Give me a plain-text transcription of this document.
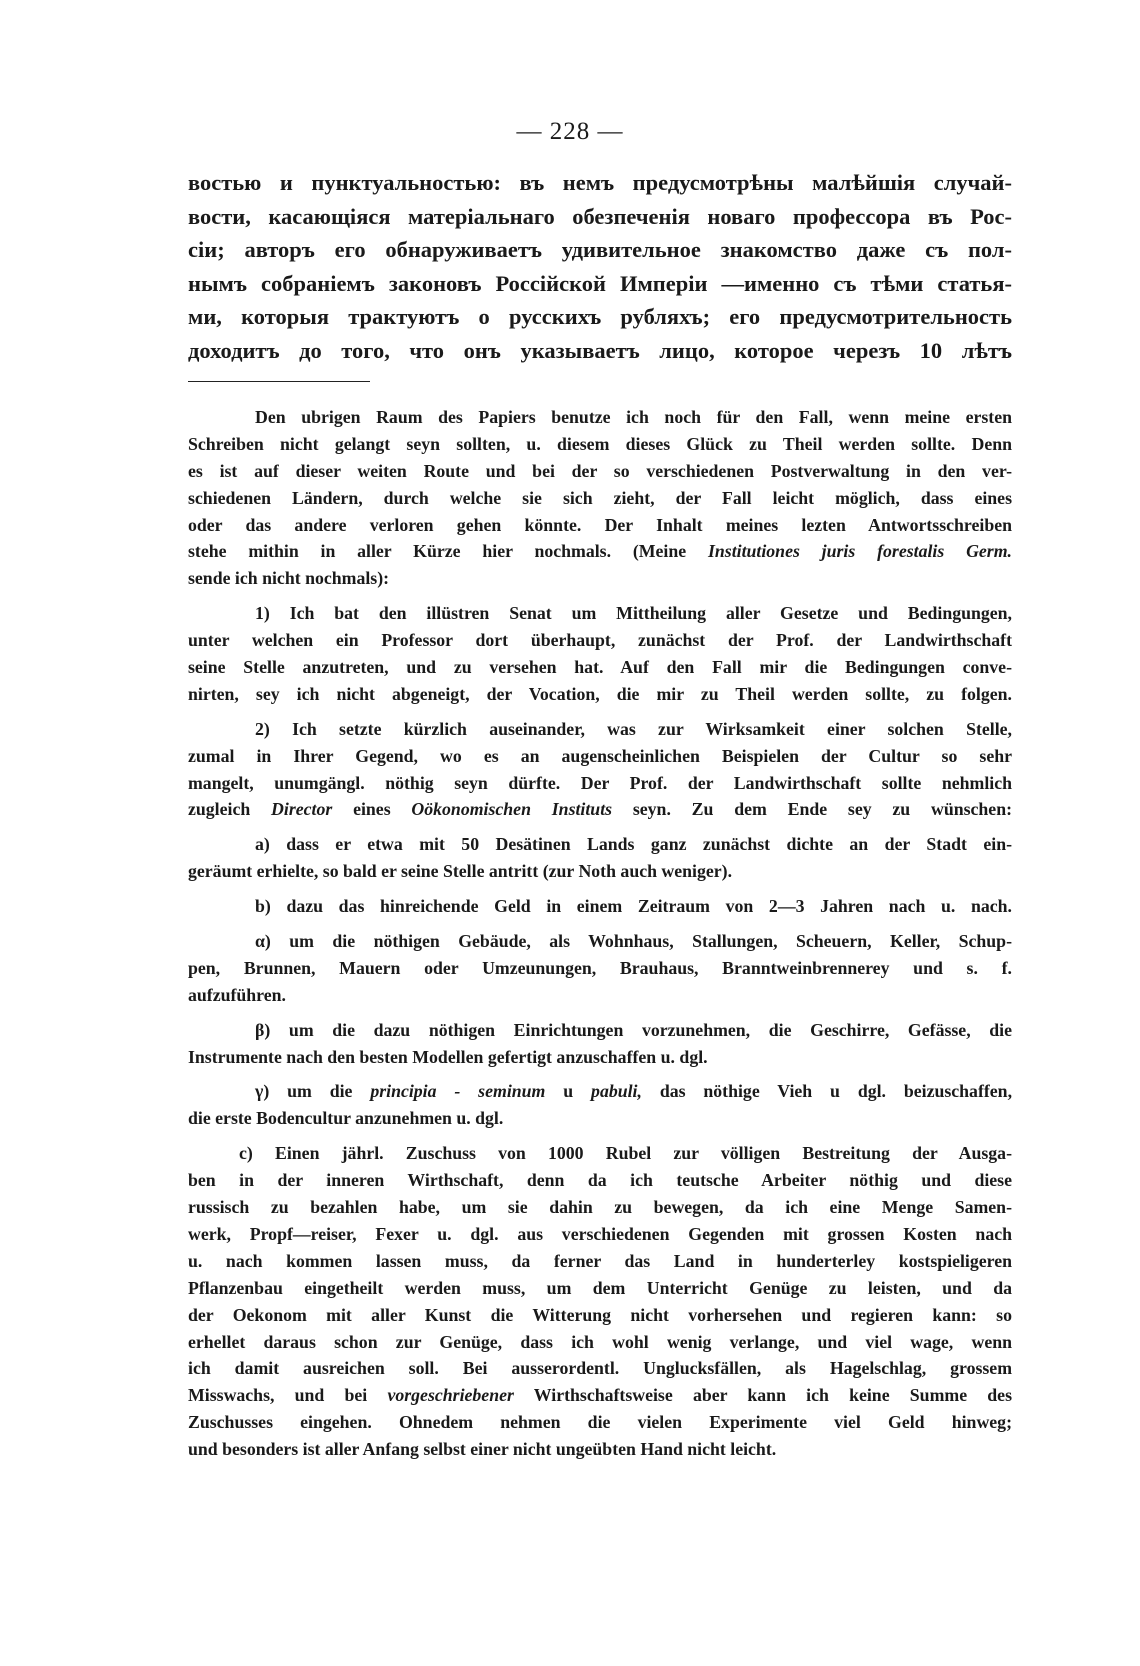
— 228 —
востью и пунктуальностью: въ немъ предусмотрѣны малѣйшія случай-
вости, касающіяся матеріальнаго обезпеченія новаго профессора въ Рос-
сіи; авторъ его обнаруживаетъ удивительное знакомство даже съ пол-
нымъ собраніемъ законовъ Россійской Имперіи —именно съ тѣми статья-
ми, которыя трактуютъ о русскихъ рубляхъ; его предусмотрительность
доходитъ до того, что онъ указываетъ лицо, которое черезъ 10 лѣтъ
Den ubrigen Raum des Papiers benutze ich noch für den Fall, wenn meine ersten
Schreiben nicht gelangt seyn sollten, u. diesem dieses Glück zu Theil werden sollte. Denn
es ist auf dieser weiten Route und bei der so verschiedenen Postverwaltung in den ver-
schiedenen Ländern, durch welche sie sich zieht, der Fall leicht möglich, dass eines
oder das andere verloren gehen könnte. Der Inhalt meines lezten Antwortsschreiben
stehe mithin in aller Kürze hier nochmals. (Meine Institutiones juris forestalis Germ.
sende ich nicht nochmals):
1) Ich bat den illüstren Senat um Mittheilung aller Gesetze und Bedingungen,
unter welchen ein Professor dort überhaupt, zunächst der Prof. der Landwirthschaft
seine Stelle anzutreten, und zu versehen hat. Auf den Fall mir die Bedingungen conve-
nirten, sey ich nicht abgeneigt, der Vocation, die mir zu Theil werden sollte, zu folgen.
2) Ich setzte kürzlich auseinander, was zur Wirksamkeit einer solchen Stelle,
zumal in Ihrer Gegend, wo es an augenscheinlichen Beispielen der Cultur so sehr
mangelt, unumgängl. nöthig seyn dürfte. Der Prof. der Landwirthschaft sollte nehmlich
zugleich Director eines Oökonomischen Instituts seyn. Zu dem Ende sey zu wünschen:
a) dass er etwa mit 50 Desätinen Lands ganz zunächst dichte an der Stadt ein-
geräumt erhielte, so bald er seine Stelle antritt (zur Noth auch weniger).
b) dazu das hinreichende Geld in einem Zeitraum von 2—3 Jahren nach u. nach.
α) um die nöthigen Gebäude, als Wohnhaus, Stallungen, Scheuern, Keller, Schup-
pen, Brunnen, Mauern oder Umzeunungen, Brauhaus, Branntweinbrennerey und s. f.
aufzuführen.
β) um die dazu nöthigen Einrichtungen vorzunehmen, die Geschirre, Gefässe, die
Instrumente nach den besten Modellen gefertigt anzuschaffen u. dgl.
γ) um die principia - seminum u pabuli, das nöthige Vieh u dgl. beizuschaffen,
die erste Bodencultur anzunehmen u. dgl.
c) Einen jährl. Zuschuss von 1000 Rubel zur völligen Bestreitung der Ausga-
ben in der inneren Wirthschaft, denn da ich teutsche Arbeiter nöthig und diese
russisch zu bezahlen habe, um sie dahin zu bewegen, da ich eine Menge Samen-
werk, Propf—reiser, Fexer u. dgl. aus verschiedenen Gegenden mit grossen Kosten nach
u. nach kommen lassen muss, da ferner das Land in hunderterley kostspieligeren
Pflanzenbau eingetheilt werden muss, um dem Unterricht Genüge zu leisten, und da
der Oekonom mit aller Kunst die Witterung nicht vorhersehen und regieren kann: so
erhellet daraus schon zur Genüge, dass ich wohl wenig verlange, und viel wage, wenn
ich damit ausreichen soll. Bei ausserordentl. Unglucksfällen, als Hagelschlag, grossem
Misswachs, und bei vorgeschriebener Wirthschaftsweise aber kann ich keine Summe des
Zuschusses eingehen. Ohnedem nehmen die vielen Experimente viel Geld hinweg;
und besonders ist aller Anfang selbst einer nicht ungeübten Hand nicht leicht.
